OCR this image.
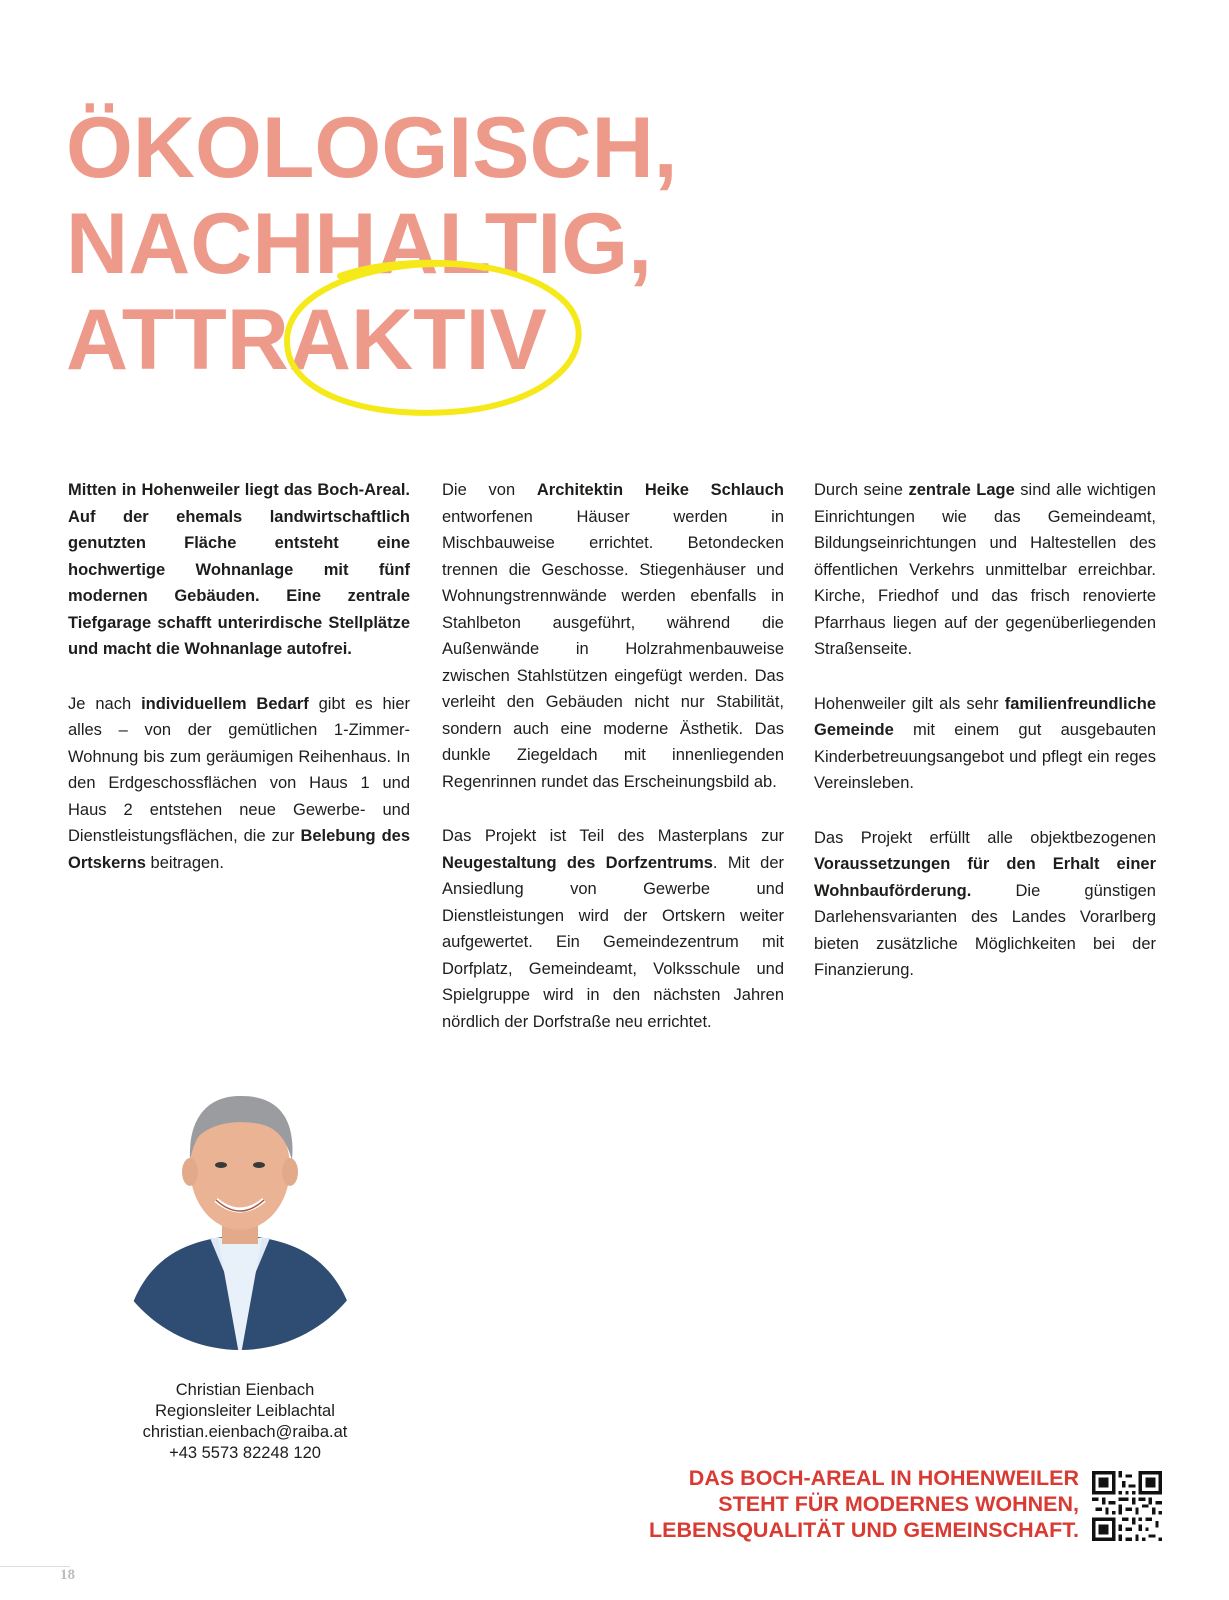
ÖKOLOGISCH,
NACHHALTIG,
ATTRAKTIV

Mitten in Hohenweiler liegt das Boch-Areal. Auf der ehemals landwirtschaftlich genutzten Fläche entsteht eine hochwertige Wohnanlage mit fünf modernen Gebäuden. Eine zentrale Tiefgarage schafft unterirdische Stellplätze und macht die Wohnanlage autofrei.

Je nach individuellem Bedarf gibt es hier alles – von der gemütlichen 1-Zimmer-Wohnung bis zum geräumigen Reihenhaus. In den Erdgeschossflächen von Haus 1 und Haus 2 entstehen neue Gewerbe- und Dienstleistungsflächen, die zur Belebung des Ortskerns beitragen.

Die von Architektin Heike Schlauch entworfenen Häuser werden in Mischbauweise errichtet. Betondecken trennen die Geschosse. Stiegenhäuser und Wohnungstrennwände werden ebenfalls in Stahlbeton ausgeführt, während die Außenwände in Holzrahmenbauweise zwischen Stahlstützen eingefügt werden. Das verleiht den Gebäuden nicht nur Stabilität, sondern auch eine moderne Ästhetik. Das dunkle Ziegeldach mit innenliegenden Regenrinnen rundet das Erscheinungsbild ab.

Das Projekt ist Teil des Masterplans zur Neugestaltung des Dorfzentrums. Mit der Ansiedlung von Gewerbe und Dienstleistungen wird der Ortskern weiter aufgewertet. Ein Gemeindezentrum mit Dorfplatz, Gemeindeamt, Volksschule und Spielgruppe wird in den nächsten Jahren nördlich der Dorfstraße neu errichtet.

Durch seine zentrale Lage sind alle wichtigen Einrichtungen wie das Gemeindeamt, Bildungseinrichtungen und Haltestellen des öffentlichen Verkehrs unmittelbar erreichbar. Kirche, Friedhof und das frisch renovierte Pfarrhaus liegen auf der gegenüberliegenden Straßenseite.

Hohenweiler gilt als sehr familienfreundliche Gemeinde mit einem gut ausgebauten Kinderbetreuungsangebot und pflegt ein reges Vereinsleben.

Das Projekt erfüllt alle objektbezogenen Voraussetzungen für den Erhalt einer Wohnbauförderung. Die günstigen Darlehensvarianten des Landes Vorarlberg bieten zusätzliche Möglichkeiten bei der Finanzierung.

Christian Eienbach
Regionsleiter Leiblachtal
christian.eienbach@raiba.at
+43 5573 82248 120
DAS BOCH-AREAL IN HOHENWEILER
STEHT FÜR MODERNES WOHNEN,
LEBENSQUALITÄT UND GEMEINSCHAFT.
18
